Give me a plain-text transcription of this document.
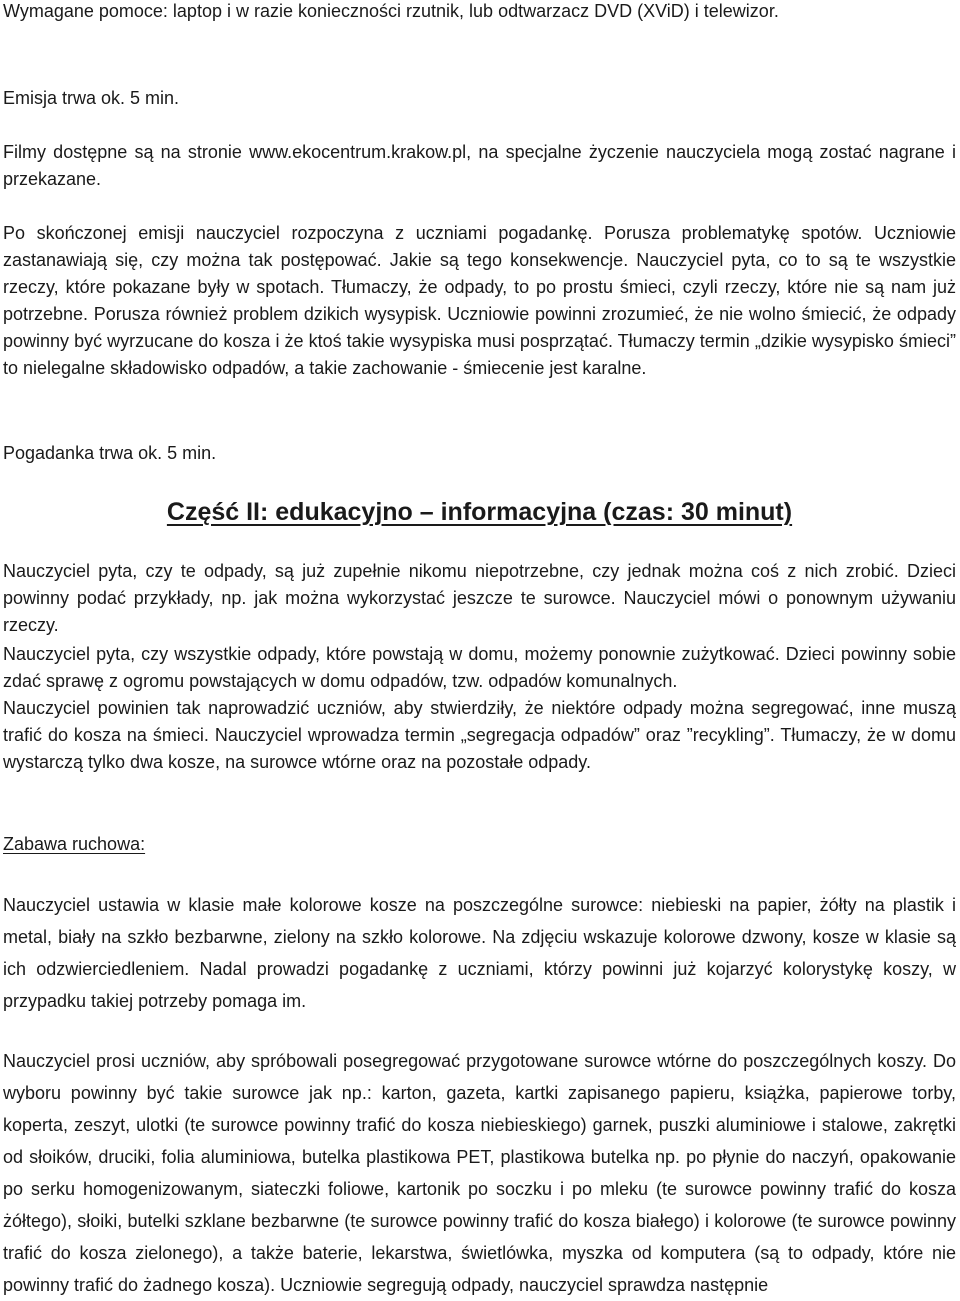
Wymagane pomoce: laptop i w razie konieczności rzutnik, lub odtwarzacz DVD (XViD) i telewizor.

Emisja trwa ok. 5 min.

Filmy dostępne są na stronie www.ekocentrum.krakow.pl, na specjalne życzenie nauczyciela mogą zostać nagrane i przekazane.

Po skończonej emisji nauczyciel rozpoczyna z uczniami pogadankę. Porusza problematykę spotów. Uczniowie zastanawiają się, czy można tak postępować. Jakie są tego konsekwencje. Nauczyciel pyta, co to są te wszystkie rzeczy, które pokazane były w spotach. Tłumaczy, że odpady, to po prostu śmieci, czyli rzeczy, które nie są nam już potrzebne. Porusza również problem dzikich wysypisk. Uczniowie powinni zrozumieć, że nie wolno śmiecić, że odpady powinny być wyrzucane do kosza i że ktoś takie wysypiska musi posprzątać. Tłumaczy termin „dzikie wysypisko śmieci” to nielegalne składowisko odpadów, a takie zachowanie - śmiecenie jest karalne.

Pogadanka trwa ok. 5 min.

Część II: edukacyjno – informacyjna (czas: 30 minut)

Nauczyciel pyta, czy te odpady, są już zupełnie nikomu niepotrzebne, czy jednak można coś z nich zrobić. Dzieci powinny podać przykłady, np. jak można wykorzystać jeszcze te surowce. Nauczyciel mówi o ponownym używaniu rzeczy.

Nauczyciel pyta, czy wszystkie odpady, które powstają w domu, możemy ponownie zużytkować. Dzieci powinny sobie zdać sprawę z ogromu powstających w domu odpadów, tzw. odpadów komunalnych.

Nauczyciel powinien tak naprowadzić uczniów, aby stwierdziły, że niektóre odpady można segregować, inne muszą trafić do kosza na śmieci. Nauczyciel wprowadza termin „segregacja odpadów” oraz ”recykling”. Tłumaczy, że w domu wystarczą tylko dwa kosze, na surowce wtórne oraz na pozostałe odpady.

Zabawa ruchowa:

Nauczyciel ustawia w klasie małe kolorowe kosze na poszczególne surowce: niebieski na papier, żółty na plastik i metal, biały na szkło bezbarwne, zielony na szkło kolorowe. Na zdjęciu wskazuje kolorowe dzwony, kosze w klasie są ich odzwierciedleniem. Nadal prowadzi pogadankę z uczniami, którzy powinni już kojarzyć kolorystykę koszy, w przypadku takiej potrzeby pomaga im.

Nauczyciel prosi uczniów, aby spróbowali posegregować przygotowane surowce wtórne do poszczególnych koszy. Do wyboru powinny być takie surowce jak np.: karton, gazeta, kartki zapisanego papieru, książka, papierowe torby, koperta, zeszyt, ulotki (te surowce powinny trafić do kosza niebieskiego) garnek, puszki aluminiowe i stalowe, zakrętki od słoików, druciki, folia aluminiowa, butelka plastikowa PET, plastikowa butelka np. po płynie do naczyń, opakowanie po serku homogenizowanym, siateczki foliowe, kartonik po soczku i po mleku (te surowce powinny trafić do kosza żółtego), słoiki, butelki szklane bezbarwne (te surowce powinny trafić do kosza białego) i kolorowe (te surowce powinny trafić do kosza zielonego), a także baterie, lekarstwa, świetlówka, myszka od komputera (są to odpady, które nie powinny trafić do żadnego kosza). Uczniowie segregują odpady, nauczyciel sprawdza następnie
